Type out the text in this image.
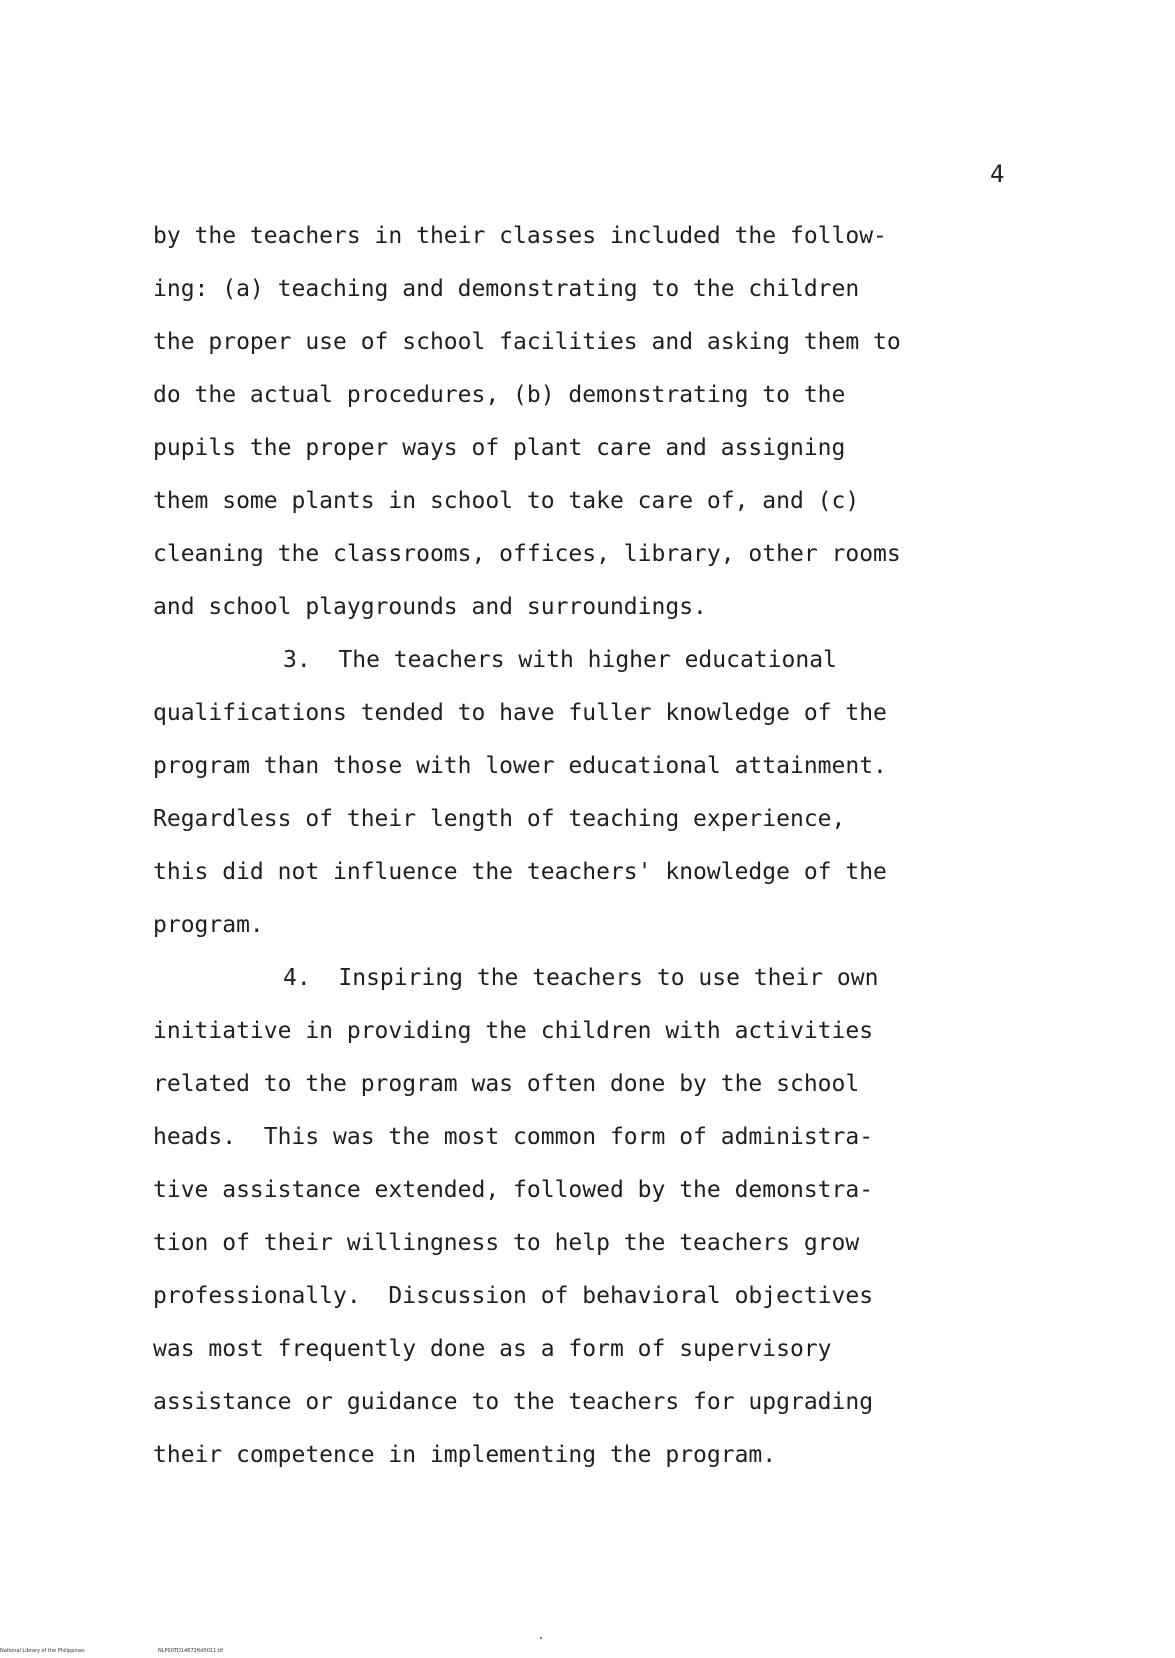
4
by the teachers in their classes included the follow-
ing: (a) teaching and demonstrating to the children
the proper use of school facilities and asking them to
do the actual procedures, (b) demonstrating to the
pupils the proper ways of plant care and assigning
them some plants in school to take care of, and (c)
cleaning the classrooms, offices, library, other rooms
and school playgrounds and surroundings.
3.  The teachers with higher educational
qualifications tended to have fuller knowledge of the
program than those with lower educational attainment.
Regardless of their length of teaching experience,
this did not influence the teachers' knowledge of the
program.
4.  Inspiring the teachers to use their own
initiative in providing the children with activities
related to the program was often done by the school
heads.  This was the most common form of administra-
tive assistance extended, followed by the demonstra-
tion of their willingness to help the teachers grow
professionally.  Discussion of behavioral objectives
was most frequently done as a form of supervisory
assistance or guidance to the teachers for upgrading
their competence in implementing the program.
National Library of the Philippines	NLP00TD14872ftd0011.tif
